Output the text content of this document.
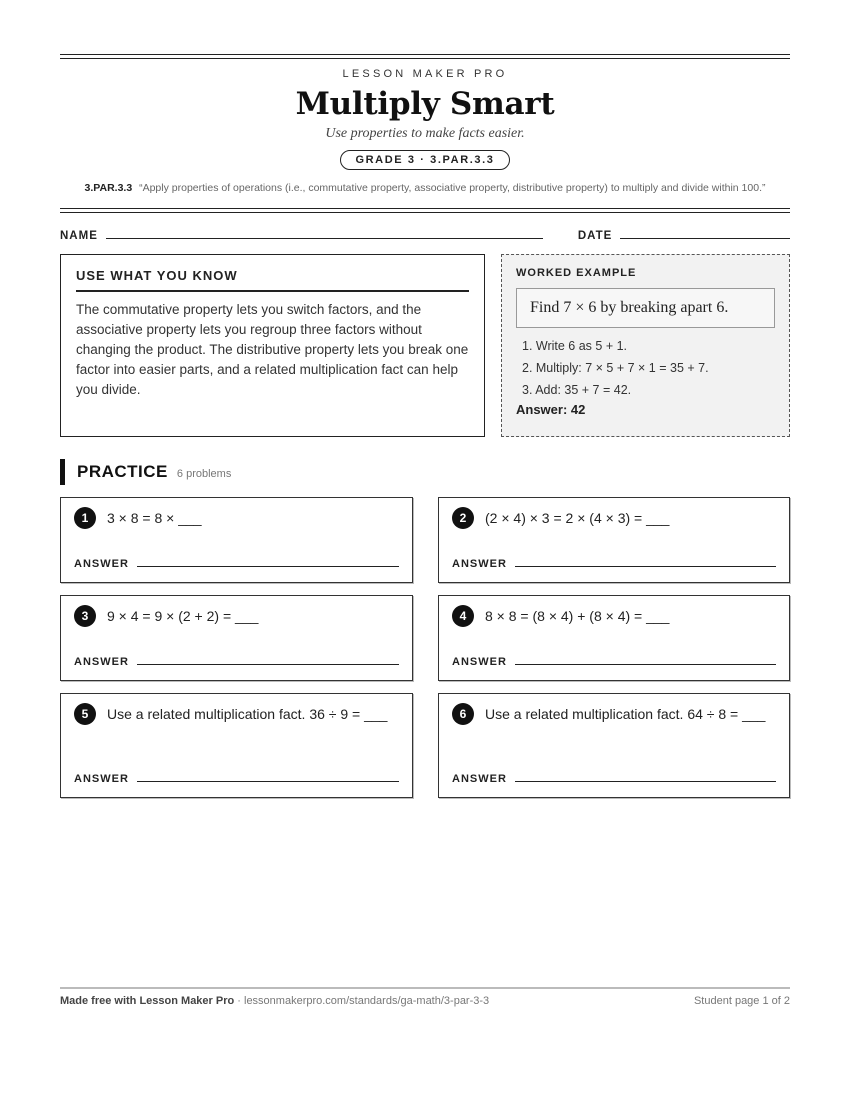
LESSON MAKER PRO
Multiply Smart
Use properties to make facts easier.
GRADE 3 · 3.PAR.3.3
3.PAR.3.3 “Apply properties of operations (i.e., commutative property, associative property, distributive property) to multiply and divide within 100.”
NAME	DATE
USE WHAT YOU KNOW
The commutative property lets you switch factors, and the associative property lets you regroup three factors without changing the product. The distributive property lets you break one factor into easier parts, and a related multiplication fact can help you divide.
WORKED EXAMPLE
Find 7 × 6 by breaking apart 6.
1. Write 6 as 5 + 1.
2. Multiply: 7 × 5 + 7 × 1 = 35 + 7.
3. Add: 35 + 7 = 42.
Answer: 42
PRACTICE 6 problems
1	3 × 8 = 8 × ___
ANSWER
2	(2 × 4) × 3 = 2 × (4 × 3) = ___
ANSWER
3	9 × 4 = 9 × (2 + 2) = ___
ANSWER
4	8 × 8 = (8 × 4) + (8 × 4) = ___
ANSWER
5	Use a related multiplication fact. 36 ÷ 9 = ___
ANSWER
6	Use a related multiplication fact. 64 ÷ 8 = ___
ANSWER
Made free with Lesson Maker Pro · lessonmakerpro.com/standards/ga-math/3-par-3-3	Student page 1 of 2
